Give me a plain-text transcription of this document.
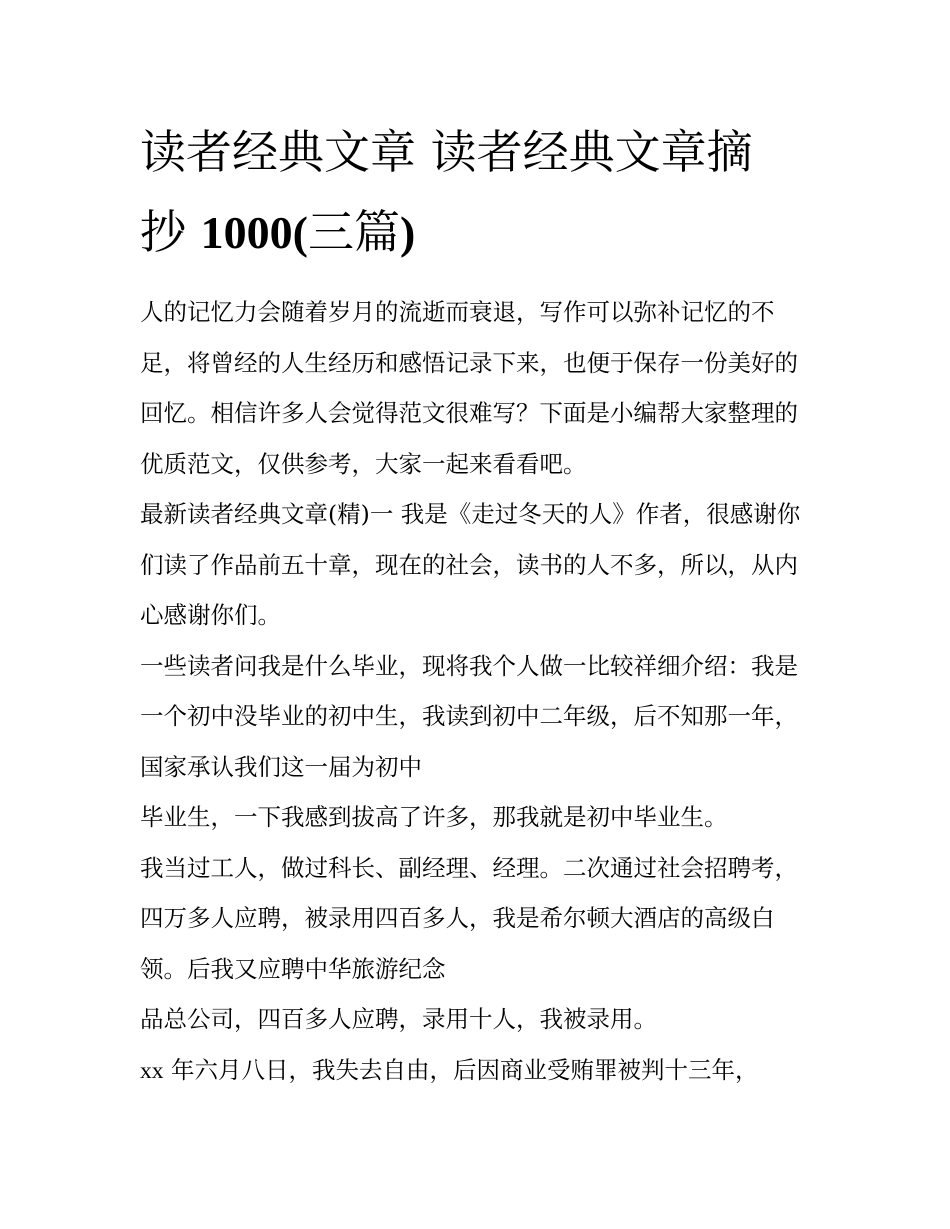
读者经典文章 读者经典文章摘
抄 1000(三篇)

人的记忆力会随着岁月的流逝而衰退，写作可以弥补记忆的不足，将曾经的人生经历和感悟记录下来，也便于保存一份美好的回忆。相信许多人会觉得范文很难写？下面是小编帮大家整理的优质范文，仅供参考，大家一起来看看吧。

最新读者经典文章(精)一 我是《走过冬天的人》作者，很感谢你们读了作品前五十章，现在的社会，读书的人不多，所以，从内心感谢你们。

一些读者问我是什么毕业，现将我个人做一比较祥细介绍：我是一个初中没毕业的初中生，我读到初中二年级，后不知那一年，国家承认我们这一届为初中

毕业生，一下我感到拔高了许多，那我就是初中毕业生。

我当过工人，做过科长、副经理、经理。二次通过社会招聘考，四万多人应聘，被录用四百多人，我是希尔顿大酒店的高级白领。后我又应聘中华旅游纪念

品总公司，四百多人应聘，录用十人，我被录用。

xx 年六月八日，我失去自由，后因商业受贿罪被判十三年，
